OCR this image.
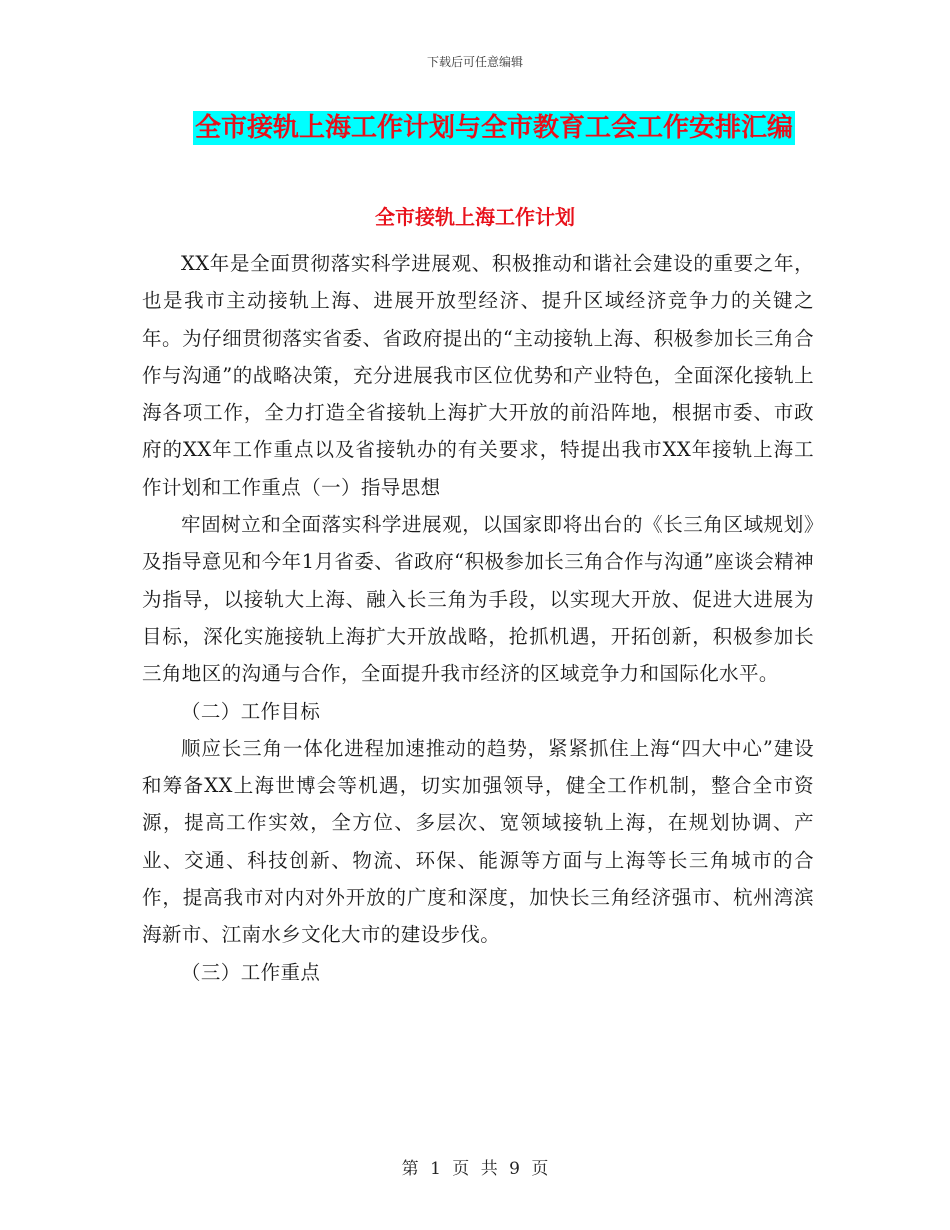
下载后可任意编辑
全市接轨上海工作计划与全市教育工会工作安排汇编
全市接轨上海工作计划

XX年是全面贯彻落实科学进展观、积极推动和谐社会建设的重要之年，也是我市主动接轨上海、进展开放型经济、提升区域经济竞争力的关键之年。为仔细贯彻落实省委、省政府提出的“主动接轨上海、积极参加长三角合作与沟通”的战略决策，充分进展我市区位优势和产业特色，全面深化接轨上海各项工作，全力打造全省接轨上海扩大开放的前沿阵地，根据市委、市政府的XX年工作重点以及省接轨办的有关要求，特提出我市XX年接轨上海工作计划和工作重点（一）指导思想

牢固树立和全面落实科学进展观，以国家即将出台的《长三角区域规划》及指导意见和今年1月省委、省政府“积极参加长三角合作与沟通”座谈会精神为指导，以接轨大上海、融入长三角为手段，以实现大开放、促进大进展为目标，深化实施接轨上海扩大开放战略，抢抓机遇，开拓创新，积极参加长三角地区的沟通与合作，全面提升我市经济的区域竞争力和国际化水平。

（二）工作目标

顺应长三角一体化进程加速推动的趋势，紧紧抓住上海“四大中心”建设和筹备XX上海世博会等机遇，切实加强领导，健全工作机制，整合全市资源，提高工作实效，全方位、多层次、宽领域接轨上海，在规划协调、产业、交通、科技创新、物流、环保、能源等方面与上海等长三角城市的合作，提高我市对内对外开放的广度和深度，加快长三角经济强市、杭州湾滨海新市、江南水乡文化大市的建设步伐。

（三）工作重点

第 1 页 共 9 页
